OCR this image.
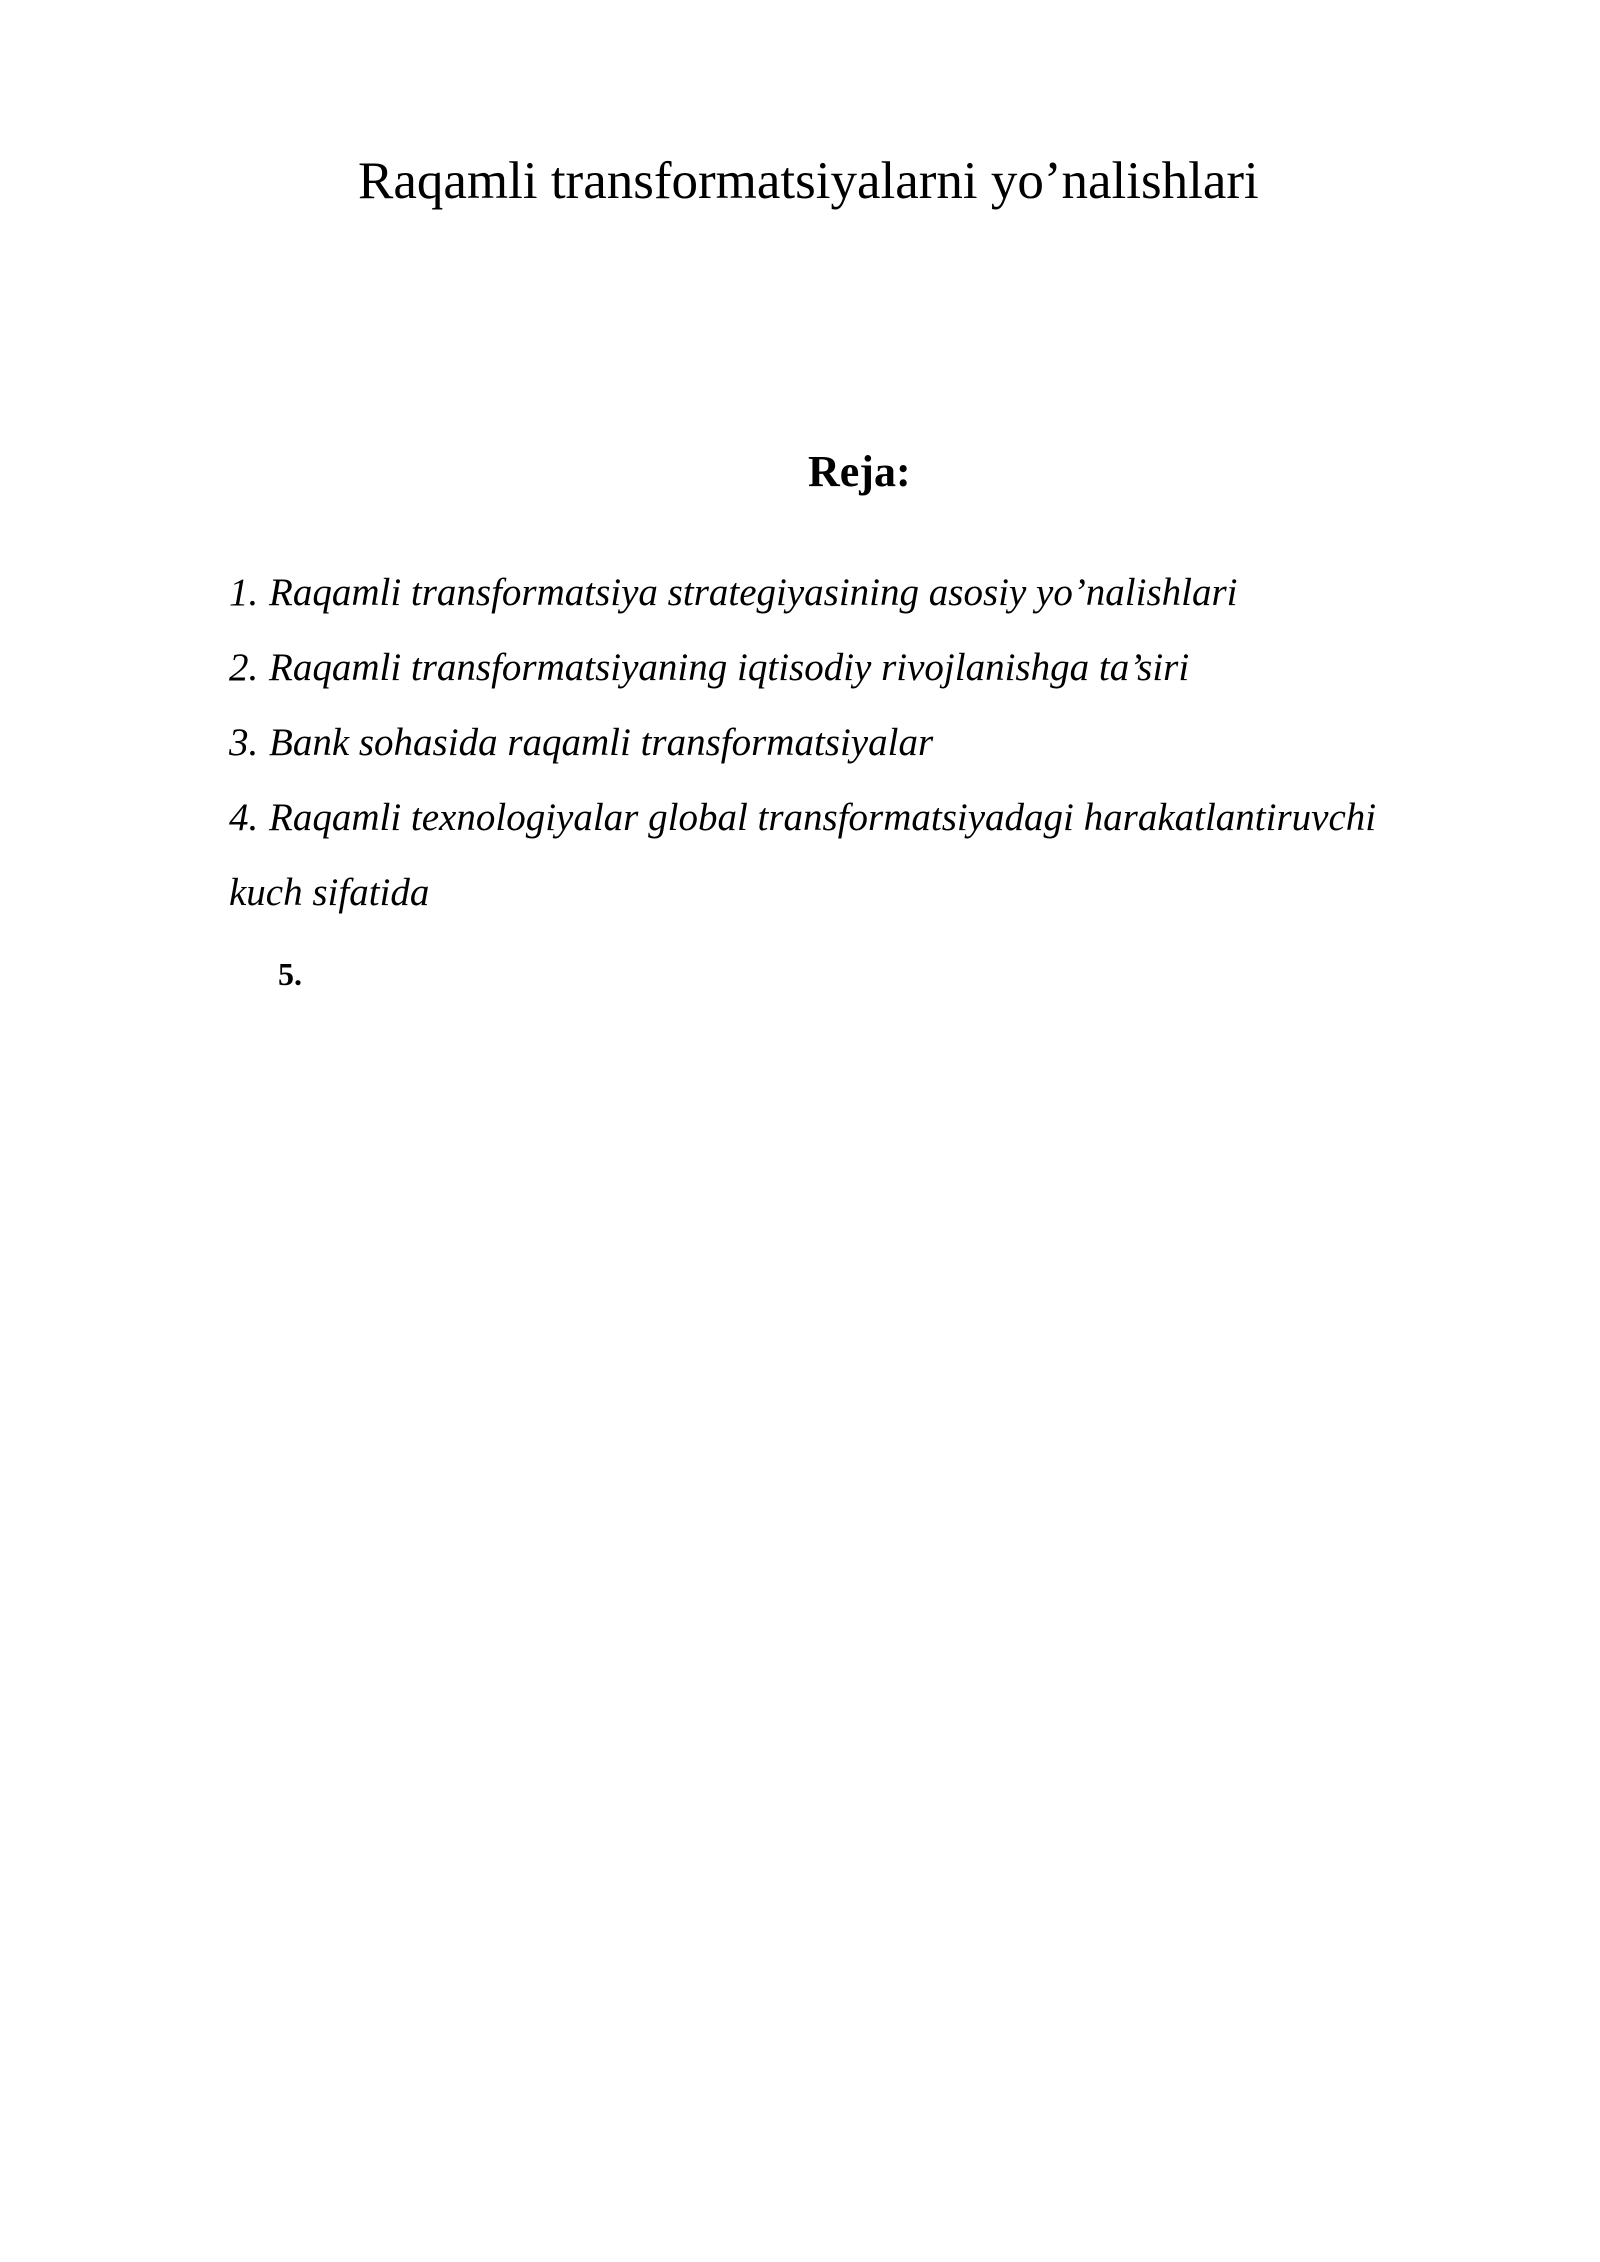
Raqamli transformatsiyalarni yo’nalishlari
Reja:
1. Raqamli transformatsiya strategiyasining asosiy yo’nalishlari
2. Raqamli transformatsiyaning iqtisodiy rivojlanishga ta’siri
3. Bank sohasida raqamli transformatsiyalar
4. Raqamli texnologiyalar global transformatsiyadagi harakatlantiruvchi kuch sifatida

5.
